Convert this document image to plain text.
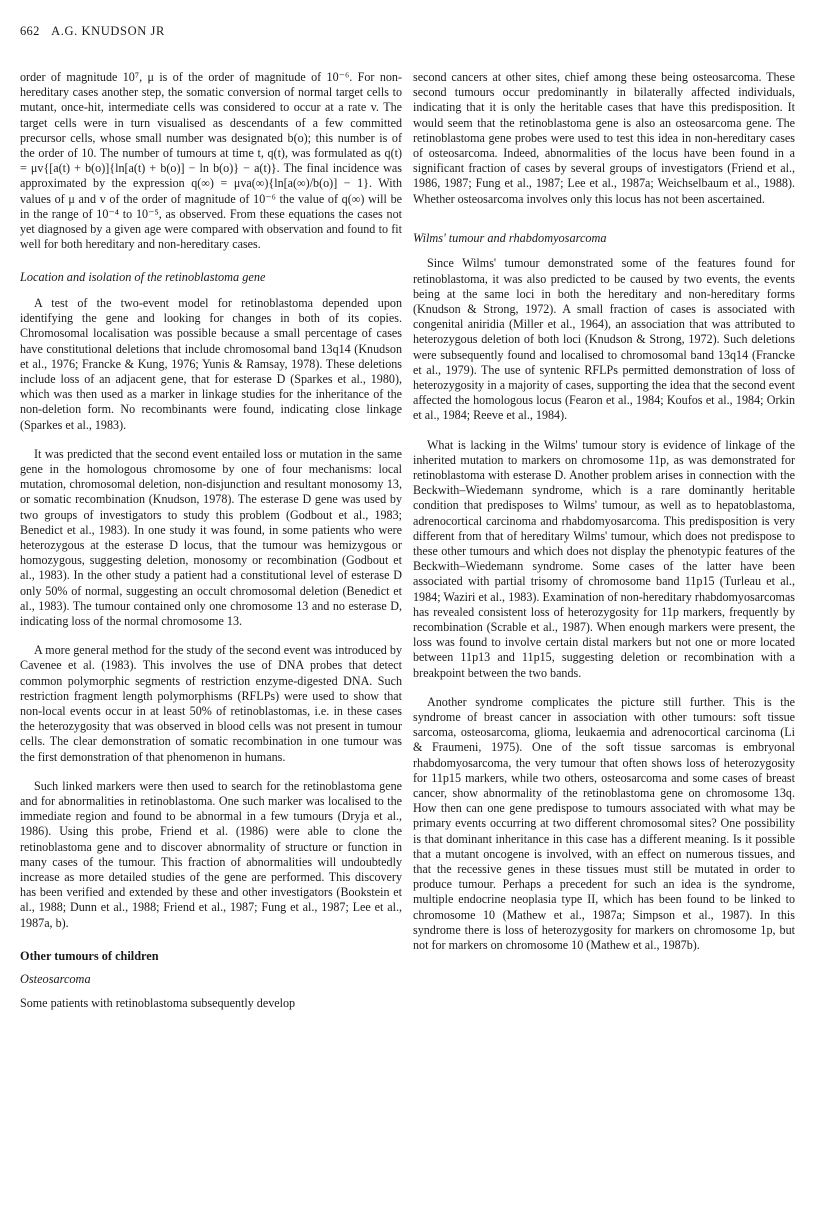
662 A.G. KNUDSON JR

order of magnitude 10⁷, μ is of the order of magnitude of 10⁻⁶. For non-hereditary cases another step, the somatic conversion of normal target cells to mutant, once-hit, intermediate cells was considered to occur at a rate v. The target cells were in turn visualised as descendants of a few committed precursor cells, whose small number was designated b(o); this number is of the order of 10. The number of tumours at time t, q(t), was formulated as q(t) = μv{[a(t) + b(o)]{ln[a(t) + b(o)] − ln b(o)} − a(t)}. The final incidence was approximated by the expression q(∞) = μva(∞){ln[a(∞)/b(o)] − 1}. With values of μ and v of the order of magnitude of 10⁻⁶ the value of q(∞) will be in the range of 10⁻⁴ to 10⁻⁵, as observed. From these equations the cases not yet diagnosed by a given age were compared with observation and found to fit well for both hereditary and non-hereditary cases.

Location and isolation of the retinoblastoma gene

A test of the two-event model for retinoblastoma depended upon identifying the gene and looking for changes in both of its copies. Chromosomal localisation was possible because a small percentage of cases have constitutional deletions that include chromosomal band 13q14 (Knudson et al., 1976; Francke & Kung, 1976; Yunis & Ramsay, 1978). These deletions include loss of an adjacent gene, that for esterase D (Sparkes et al., 1980), which was then used as a marker in linkage studies for the inheritance of the non-deletion form. No recombinants were found, indicating close linkage (Sparkes et al., 1983).

It was predicted that the second event entailed loss or mutation in the same gene in the homologous chromosome by one of four mechanisms: local mutation, chromosomal deletion, non-disjunction and resultant monosomy 13, or somatic recombination (Knudson, 1978). The esterase D gene was used by two groups of investigators to study this problem (Godbout et al., 1983; Benedict et al., 1983). In one study it was found, in some patients who were heterozygous at the esterase D locus, that the tumour was hemizygous or homozygous, suggesting deletion, monosomy or recombination (Godbout et al., 1983). In the other study a patient had a constitutional level of esterase D only 50% of normal, suggesting an occult chromosomal deletion (Benedict et al., 1983). The tumour contained only one chromosome 13 and no esterase D, indicating loss of the normal chromosome 13.

A more general method for the study of the second event was introduced by Cavenee et al. (1983). This involves the use of DNA probes that detect common polymorphic segments of restriction enzyme-digested DNA. Such restriction fragment length polymorphisms (RFLPs) were used to show that non-local events occur in at least 50% of retinoblastomas, i.e. in these cases the heterozygosity that was observed in blood cells was not present in tumour cells. The clear demonstration of somatic recombination in one tumour was the first demonstration of that phenomenon in humans.

Such linked markers were then used to search for the retinoblastoma gene and for abnormalities in retinoblastoma. One such marker was localised to the immediate region and found to be abnormal in a few tumours (Dryja et al., 1986). Using this probe, Friend et al. (1986) were able to clone the retinoblastoma gene and to discover abnormality of structure or function in many cases of the tumour. This fraction of abnormalities will undoubtedly increase as more detailed studies of the gene are performed. This discovery has been verified and extended by these and other investigators (Bookstein et al., 1988; Dunn et al., 1988; Friend et al., 1987; Fung et al., 1987; Lee et al., 1987a, b).

Other tumours of children
Osteosarcoma

Some patients with retinoblastoma subsequently develop

second cancers at other sites, chief among these being osteosarcoma. These second tumours occur predominantly in bilaterally affected individuals, indicating that it is only the heritable cases that have this predisposition. It would seem that the retinoblastoma gene is also an osteosarcoma gene. The retinoblastoma gene probes were used to test this idea in non-hereditary cases of osteosarcoma. Indeed, abnormalities of the locus have been found in a significant fraction of cases by several groups of investigators (Friend et al., 1986, 1987; Fung et al., 1987; Lee et al., 1987a; Weichselbaum et al., 1988). Whether osteosarcoma involves only this locus has not been ascertained.

Wilms' tumour and rhabdomyosarcoma

Since Wilms' tumour demonstrated some of the features found for retinoblastoma, it was also predicted to be caused by two events, the events being at the same loci in both the hereditary and non-hereditary forms (Knudson & Strong, 1972). A small fraction of cases is associated with congenital aniridia (Miller et al., 1964), an association that was attributed to heterozygous deletion of both loci (Knudson & Strong, 1972). Such deletions were subsequently found and localised to chromosomal band 13q14 (Francke et al., 1979). The use of syntenic RFLPs permitted demonstration of loss of heterozygosity in a majority of cases, supporting the idea that the second event affected the homologous locus (Fearon et al., 1984; Koufos et al., 1984; Orkin et al., 1984; Reeve et al., 1984).

What is lacking in the Wilms' tumour story is evidence of linkage of the inherited mutation to markers on chromosome 11p, as was demonstrated for retinoblastoma with esterase D. Another problem arises in connection with the Beckwith–Wiedemann syndrome, which is a rare dominantly heritable condition that predisposes to Wilms' tumour, as well as to hepatoblastoma, adrenocortical carcinoma and rhabdomyosarcoma. This predisposition is very different from that of hereditary Wilms' tumour, which does not predispose to these other tumours and which does not display the phenotypic features of the Beckwith–Wiedemann syndrome. Some cases of the latter have been associated with partial trisomy of chromosome band 11p15 (Turleau et al., 1984; Waziri et al., 1983). Examination of non-hereditary rhabdomyosarcomas has revealed consistent loss of heterozygosity for 11p markers, frequently by recombination (Scrable et al., 1987). When enough markers were present, the loss was found to involve certain distal markers but not one or more located between 11p13 and 11p15, suggesting deletion or recombination with a breakpoint between the two bands.

Another syndrome complicates the picture still further. This is the syndrome of breast cancer in association with other tumours: soft tissue sarcoma, osteosarcoma, glioma, leukaemia and adrenocortical carcinoma (Li & Fraumeni, 1975). One of the soft tissue sarcomas is embryonal rhabdomyosarcoma, the very tumour that often shows loss of heterozygosity for 11p15 markers, while two others, osteosarcoma and some cases of breast cancer, show abnormality of the retinoblastoma gene on chromosome 13q. How then can one gene predispose to tumours associated with what may be primary events occurring at two different chromosomal sites? One possibility is that dominant inheritance in this case has a different meaning. Is it possible that a mutant oncogene is involved, with an effect on numerous tissues, and that the recessive genes in these tissues must still be mutated in order to produce tumour. Perhaps a precedent for such an idea is the syndrome, multiple endocrine neoplasia type II, which has been found to be linked to chromosome 10 (Mathew et al., 1987a; Simpson et al., 1987). In this syndrome there is loss of heterozygosity for markers on chromosome 1p, but not for markers on chromosome 10 (Mathew et al., 1987b).
